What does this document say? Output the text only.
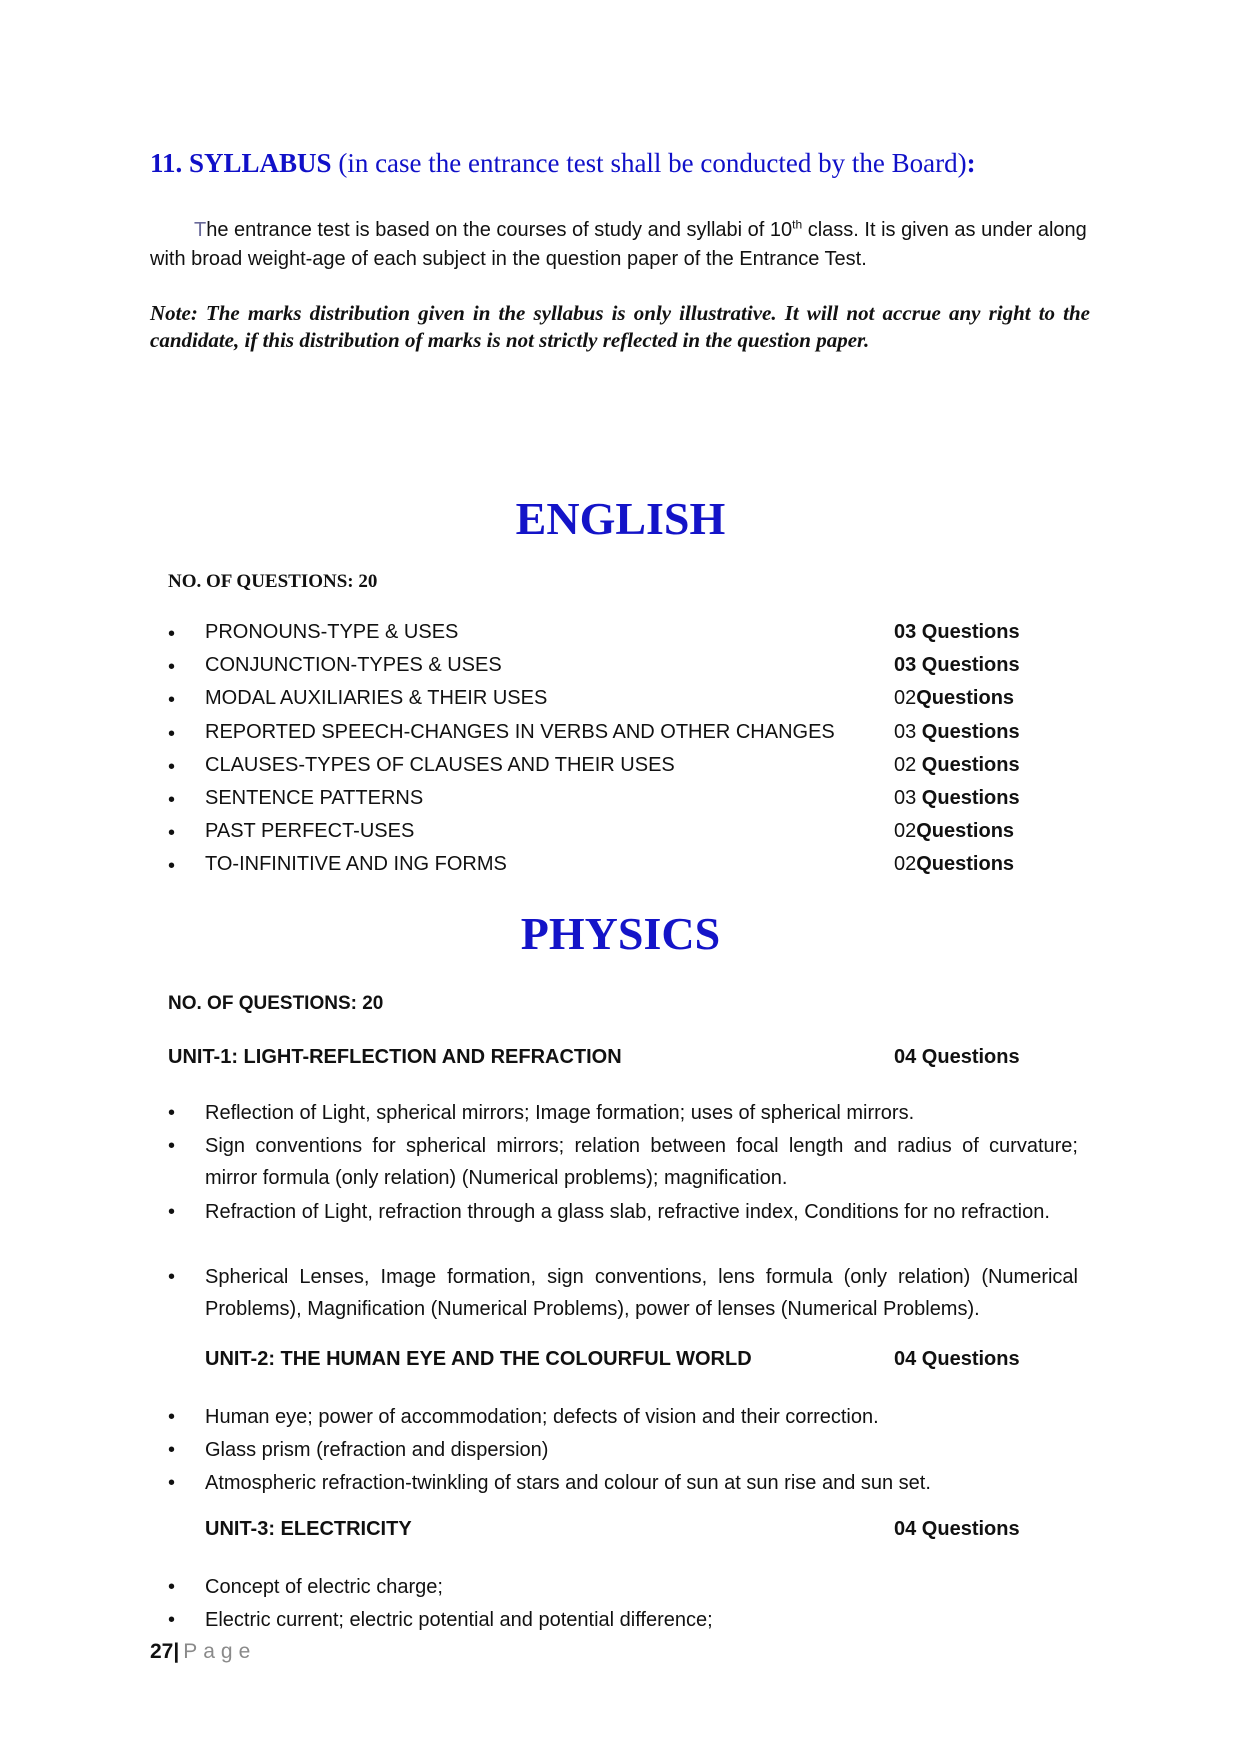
11. SYLLABUS (in case the entrance test shall be conducted by the Board):
The entrance test is based on the courses of study and syllabi of 10th class. It is given as under along with broad weight-age of each subject in the question paper of the Entrance Test.
Note: The marks distribution given in the syllabus is only illustrative. It will not accrue any right to the candidate, if this distribution of marks is not strictly reflected in the question paper.
ENGLISH
NO. OF QUESTIONS: 20
• PRONOUNS-TYPE & USES	03 Questions
• CONJUNCTION-TYPES & USES	03 Questions
• MODAL AUXILIARIES & THEIR USES	02Questions
• REPORTED SPEECH-CHANGES IN VERBS AND OTHER CHANGES	03 Questions
• CLAUSES-TYPES OF CLAUSES AND THEIR USES	02 Questions
• SENTENCE PATTERNS	03 Questions
• PAST PERFECT-USES	02Questions
• TO-INFINITIVE AND ING FORMS	02Questions
PHYSICS
NO. OF QUESTIONS: 20
UNIT-1: LIGHT-REFLECTION AND REFRACTION	04 Questions
• Reflection of Light, spherical mirrors; Image formation; uses of spherical mirrors.
• Sign conventions for spherical mirrors; relation between focal length and radius of curvature; mirror formula (only relation) (Numerical problems); magnification.
• Refraction of Light, refraction through a glass slab, refractive index, Conditions for no refraction.
• Spherical Lenses, Image formation, sign conventions, lens formula (only relation) (Numerical Problems), Magnification (Numerical Problems), power of lenses (Numerical Problems).
UNIT-2: THE HUMAN EYE AND THE COLOURFUL WORLD	04 Questions
• Human eye; power of accommodation; defects of vision and their correction.
• Glass prism (refraction and dispersion)
• Atmospheric refraction-twinkling of stars and colour of sun at sun rise and sun set.
UNIT-3: ELECTRICITY	04 Questions
• Concept of electric charge;
• Electric current; electric potential and potential difference;
27| Page
